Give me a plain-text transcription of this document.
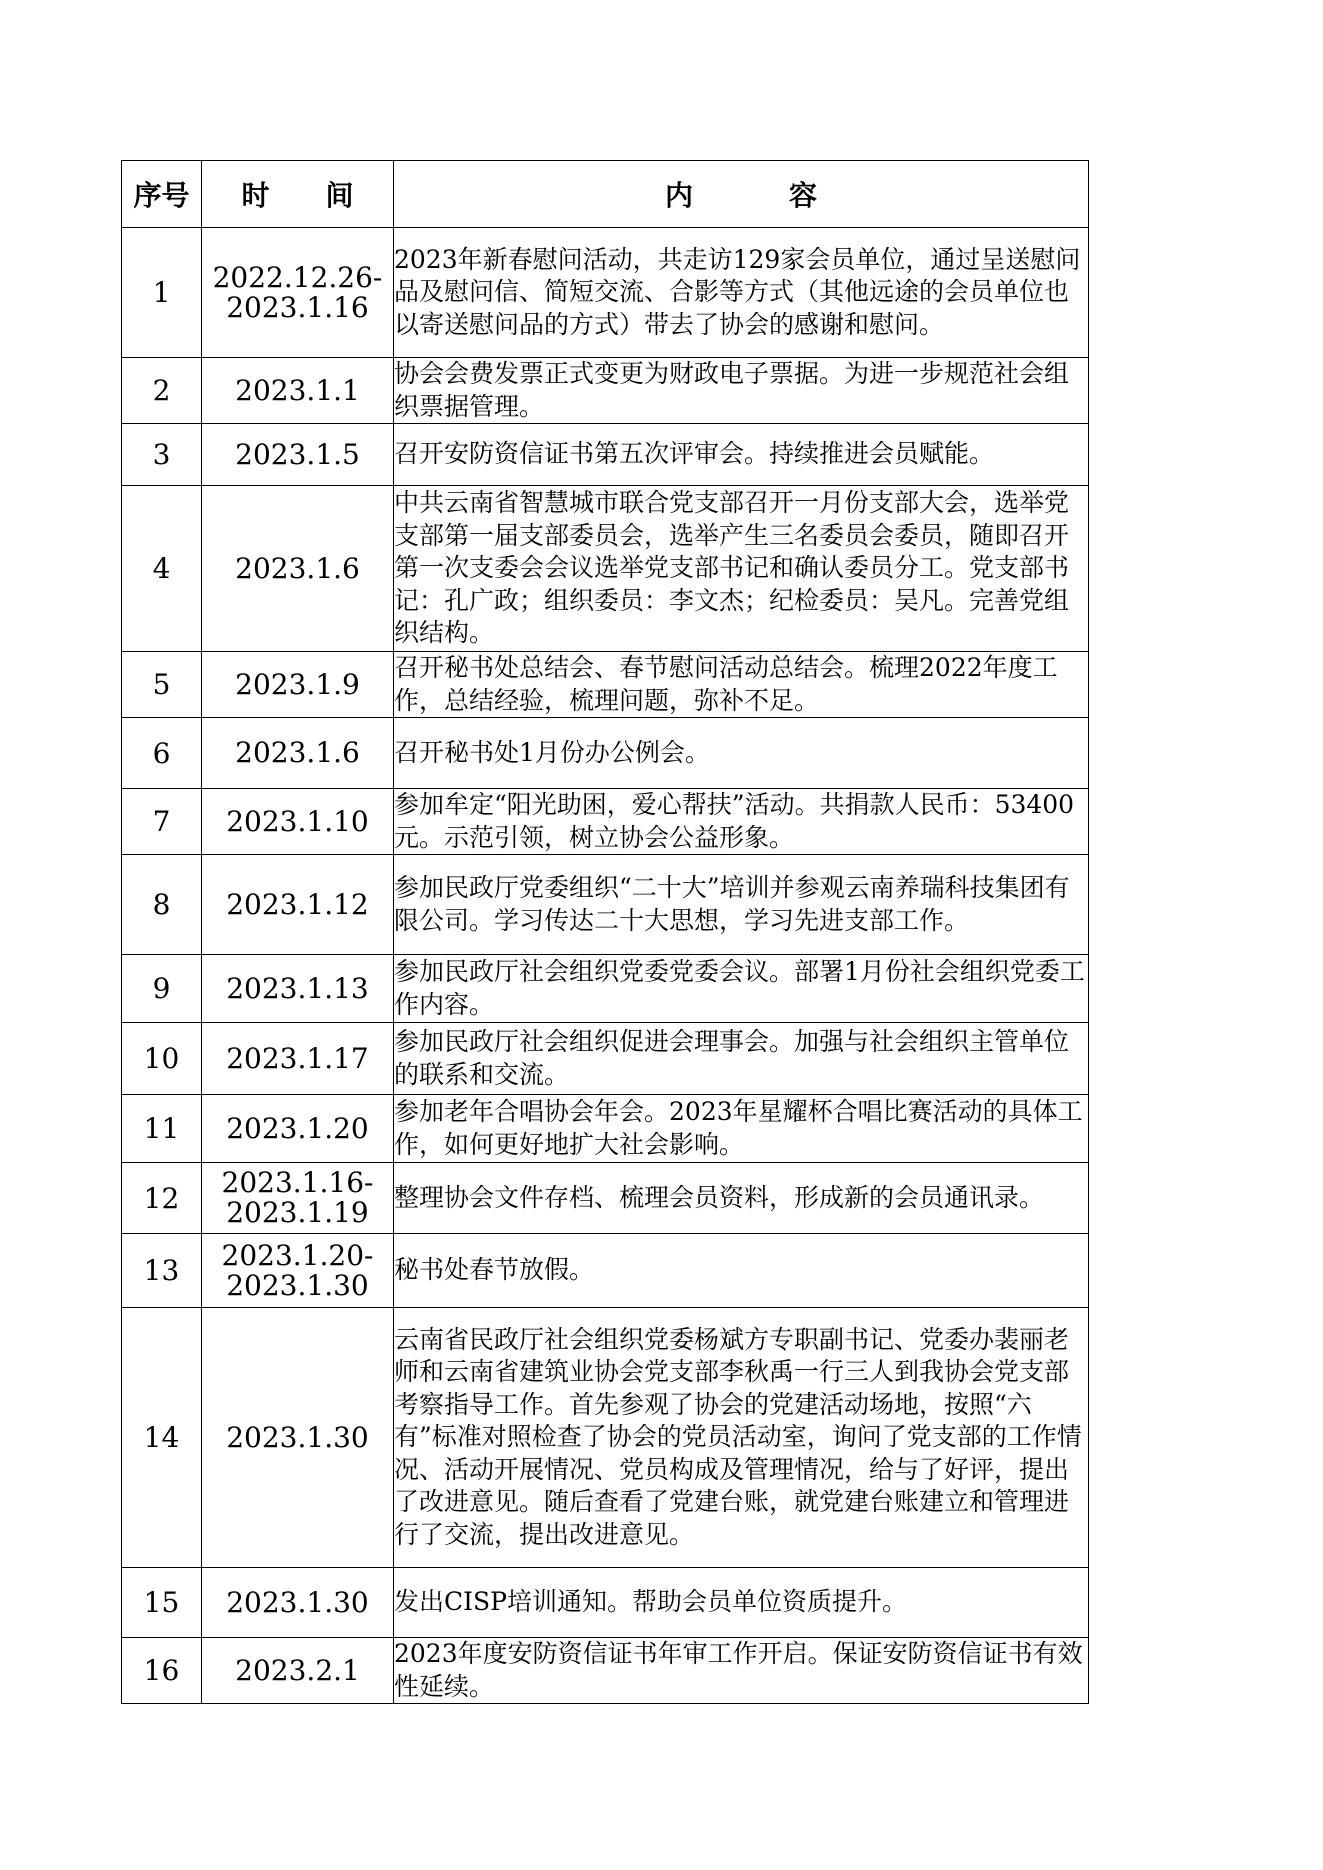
序号	时 间	内 容
1	2022.12.26-2023.1.16	2023年新春慰问活动，共走访129家会员单位，通过呈送慰问品及慰问信、简短交流、合影等方式（其他远途的会员单位也以寄送慰问品的方式）带去了协会的感谢和慰问。
2	2023.1.1	协会会费发票正式变更为财政电子票据。为进一步规范社会组织票据管理。
3	2023.1.5	召开安防资信证书第五次评审会。持续推进会员赋能。
4	2023.1.6	中共云南省智慧城市联合党支部召开一月份支部大会，选举党支部第一届支部委员会，选举产生三名委员会委员，随即召开第一次支委会会议选举党支部书记和确认委员分工。党支部书记：孔广政；组织委员：李文杰；纪检委员：吴凡。完善党组织结构。
5	2023.1.9	召开秘书处总结会、春节慰问活动总结会。梳理2022年度工作，总结经验，梳理问题，弥补不足。
6	2023.1.6	召开秘书处1月份办公例会。
7	2023.1.10	参加牟定“阳光助困，爱心帮扶”活动。共捐款人民币：53400元。示范引领，树立协会公益形象。
8	2023.1.12	参加民政厅党委组织“二十大”培训并参观云南养瑞科技集团有限公司。学习传达二十大思想，学习先进支部工作。
9	2023.1.13	参加民政厅社会组织党委党委会议。部署1月份社会组织党委工作内容。
10	2023.1.17	参加民政厅社会组织促进会理事会。加强与社会组织主管单位的联系和交流。
11	2023.1.20	参加老年合唱协会年会。2023年星耀杯合唱比赛活动的具体工作，如何更好地扩大社会影响。
12	2023.1.16-2023.1.19	整理协会文件存档、梳理会员资料，形成新的会员通讯录。
13	2023.1.20-2023.1.30	秘书处春节放假。
14	2023.1.30	云南省民政厅社会组织党委杨斌方专职副书记、党委办裴丽老师和云南省建筑业协会党支部李秋禹一行三人到我协会党支部考察指导工作。首先参观了协会的党建活动场地，按照“六有”标准对照检查了协会的党员活动室，询问了党支部的工作情况、活动开展情况、党员构成及管理情况，给与了好评，提出了改进意见。随后查看了党建台账，就党建台账建立和管理进行了交流，提出改进意见。
15	2023.1.30	发出CISP培训通知。帮助会员单位资质提升。
16	2023.2.1	2023年度安防资信证书年审工作开启。保证安防资信证书有效性延续。
